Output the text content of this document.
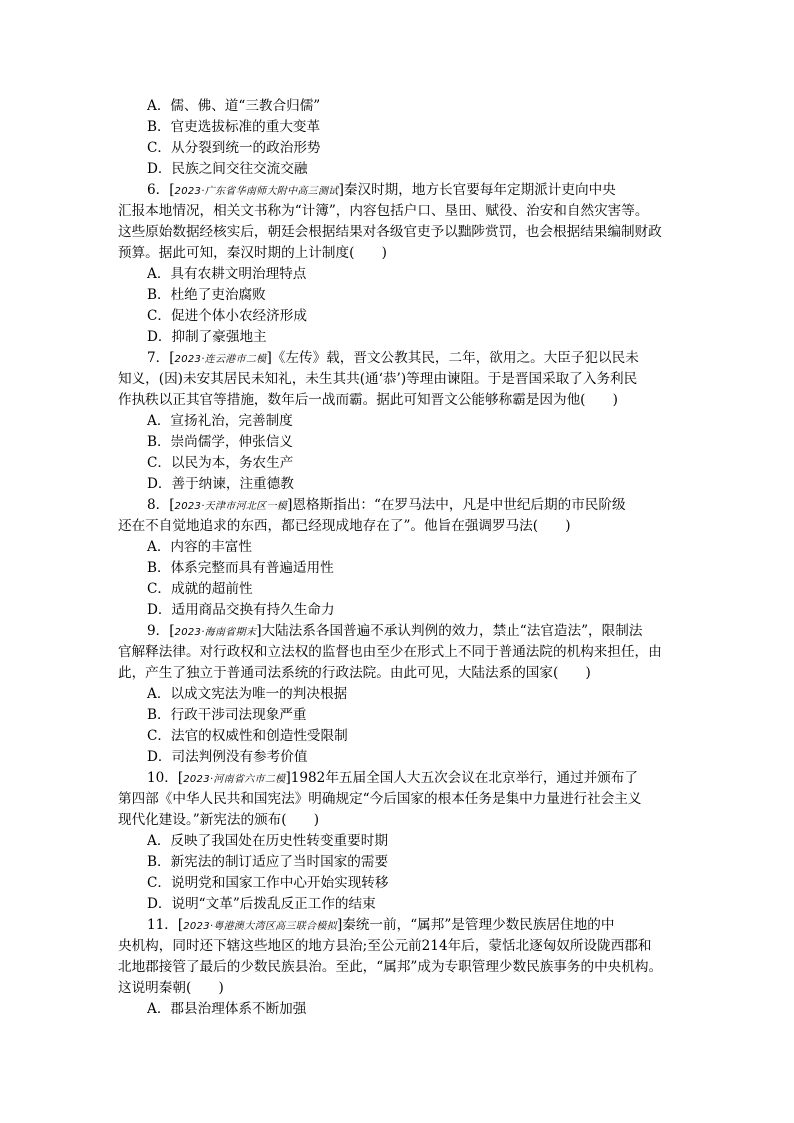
A．儒、佛、道“三教合归儒”
B．官吏选拔标准的重大变革
C．从分裂到统一的政治形势
D．民族之间交往交流交融
6．[2023·广东省华南师大附中高三测试]秦汉时期，地方长官要每年定期派计吏向中央
汇报本地情况，相关文书称为“计簿”，内容包括户口、垦田、赋役、治安和自然灾害等。
这些原始数据经核实后，朝廷会根据结果对各级官吏予以黜陟赏罚，也会根据结果编制财政
预算。据此可知，秦汉时期的上计制度(　　)
A．具有农耕文明治理特点
B．杜绝了吏治腐败
C．促进个体小农经济形成
D．抑制了豪强地主
7．[2023·连云港市二模]《左传》载，晋文公教其民，二年，欲用之。大臣子犯以民未
知义，(因)未安其居民未知礼，未生其共(通‘恭’)等理由谏阻。于是晋国采取了入务利民
作执秩以正其官等措施，数年后一战而霸。据此可知晋文公能够称霸是因为他(　　)
A．宣扬礼治，完善制度
B．崇尚儒学，伸张信义
C．以民为本，务农生产
D．善于纳谏，注重德教
8．[2023·天津市河北区一模]恩格斯指出：“在罗马法中，凡是中世纪后期的市民阶级
还在不自觉地追求的东西，都已经现成地存在了”。他旨在强调罗马法(　　)
A．内容的丰富性
B．体系完整而具有普遍适用性
C．成就的超前性
D．适用商品交换有持久生命力
9．[2023·海南省期末]大陆法系各国普遍不承认判例的效力，禁止“法官造法”，限制法
官解释法律。对行政权和立法权的监督也由至少在形式上不同于普通法院的机构来担任，由
此，产生了独立于普通司法系统的行政法院。由此可见，大陆法系的国家(　　)
A．以成文宪法为唯一的判决根据
B．行政干涉司法现象严重
C．法官的权威性和创造性受限制
D．司法判例没有参考价值
10．[2023·河南省六市二模]1982年五届全国人大五次会议在北京举行，通过并颁布了
第四部《中华人民共和国宪法》明确规定“今后国家的根本任务是集中力量进行社会主义
现代化建设。”新宪法的颁布(　　)
A．反映了我国处在历史性转变重要时期
B．新宪法的制订适应了当时国家的需要
C．说明党和国家工作中心开始实现转移
D．说明“文革”后拨乱反正工作的结束
11．[2023·粤港澳大湾区高三联合模拟]秦统一前，“属邦”是管理少数民族居住地的中
央机构，同时还下辖这些地区的地方县治;至公元前214年后，蒙恬北逐匈奴所设陇西郡和
北地郡接管了最后的少数民族县治。至此，“属邦”成为专职管理少数民族事务的中央机构。
这说明秦朝(　　)
A．郡县治理体系不断加强
